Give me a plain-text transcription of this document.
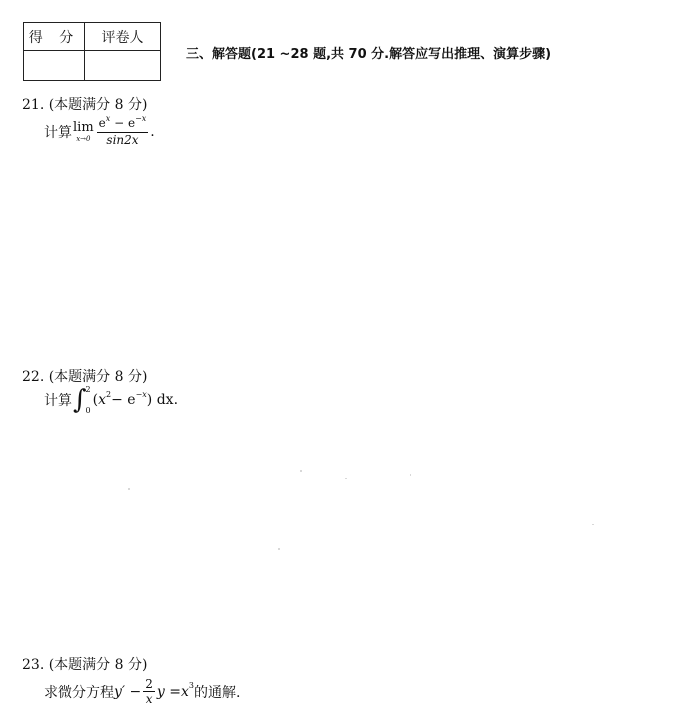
得 分	评卷人

三、解答题(21 ~28 题,共 70 分.解答应写出推理、演算步骤)
21. (本题满分 8 分)
计算 lim
$x\to 0 \frac{e^x - e^{-x}}{\sin 2x}$ .
22. (本题满分 8 分)
计算 ∫ 2
0
( x 2 − e −x ) dx.
23. (本题满分 8 分)
求微分方程 $y' - \frac{2}{x}$ y = x 3 的通解.
